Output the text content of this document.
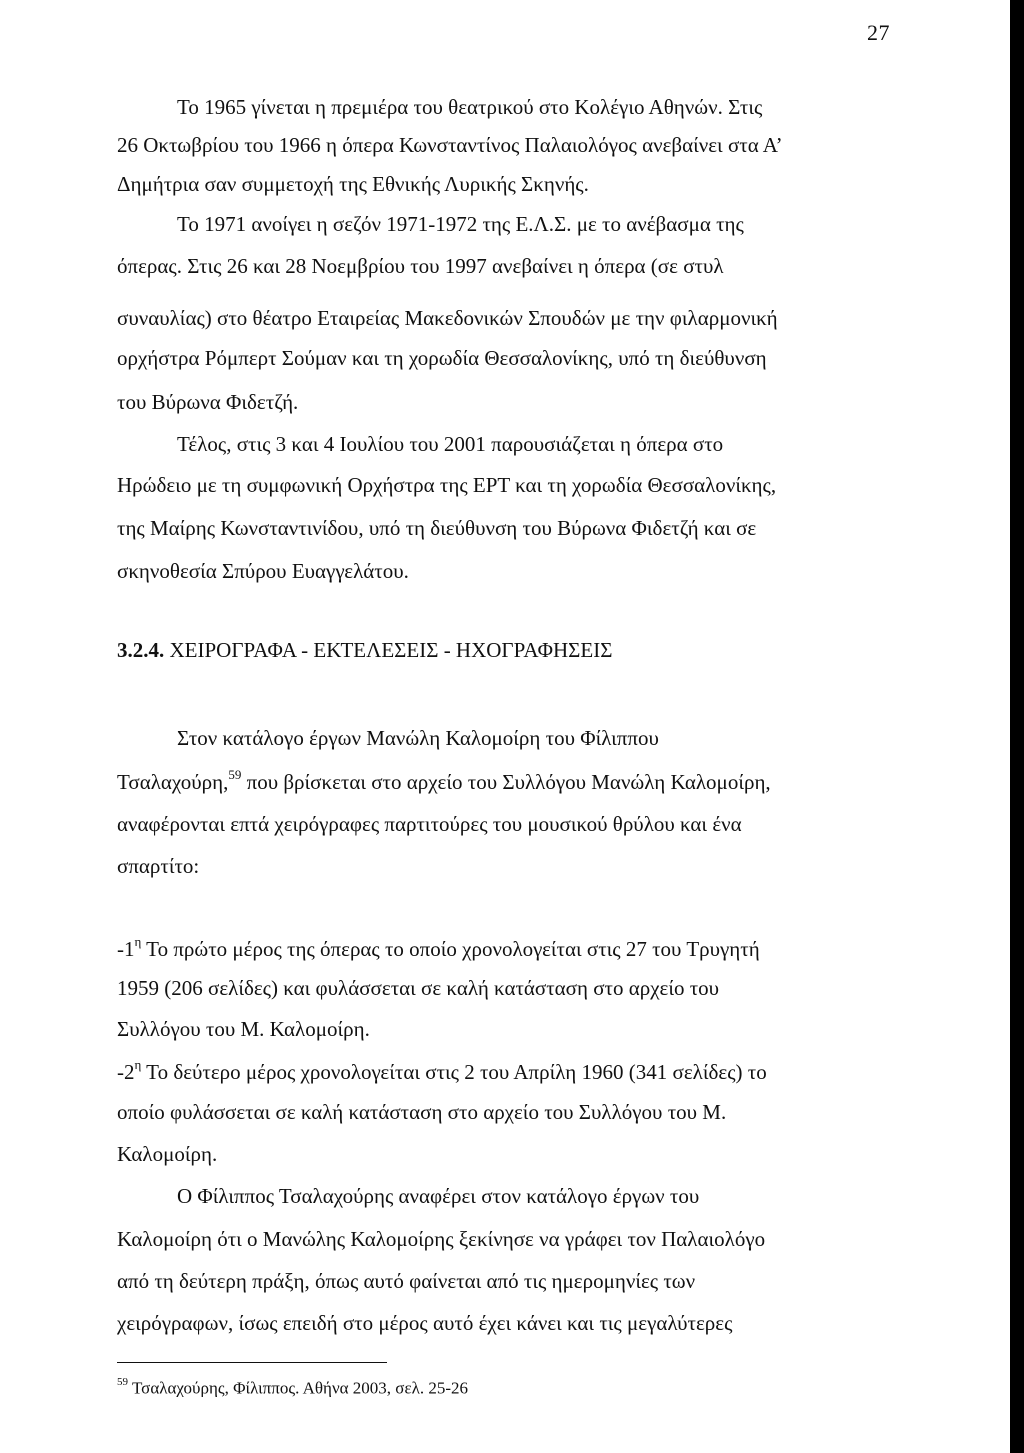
27
Το 1965 γίνεται η πρεμιέρα του θεατρικού στο Κολέγιο Αθηνών. Στις
26 Οκτωβρίου του 1966 η όπερα Κωνσταντίνος Παλαιολόγος ανεβαίνει στα Α’
Δημήτρια σαν συμμετοχή της Εθνικής Λυρικής Σκηνής.
Το 1971 ανοίγει η σεζόν 1971-1972 της Ε.Λ.Σ. με το ανέβασμα της
όπερας. Στις 26 και 28 Νοεμβρίου του 1997 ανεβαίνει η όπερα (σε στυλ
συναυλίας) στο θέατρο Εταιρείας Μακεδονικών Σπουδών με την φιλαρμονική
ορχήστρα Ρόμπερτ Σούμαν και τη χορωδία Θεσσαλονίκης, υπό τη διεύθυνση
του Βύρωνα Φιδετζή.
Τέλος, στις 3 και 4 Ιουλίου του 2001 παρουσιάζεται η όπερα στο
Ηρώδειο με τη συμφωνική Ορχήστρα της ΕΡΤ και τη χορωδία Θεσσαλονίκης,
της Μαίρης Κωνσταντινίδου, υπό τη διεύθυνση του Βύρωνα Φιδετζή και σε
σκηνοθεσία Σπύρου Ευαγγελάτου.
3.2.4. ΧΕΙΡΟΓΡΑΦΑ - ΕΚΤΕΛΕΣΕΙΣ - ΗΧΟΓΡΑΦΗΣΕΙΣ
Στον κατάλογο έργων Μανώλη Καλομοίρη του Φίλιππου
Τσαλαχούρη,$^{59}$ που βρίσκεται στο αρχείο του Συλλόγου Μανώλη Καλομοίρη,
αναφέρονται επτά χειρόγραφες παρτιτούρες του μουσικού θρύλου και ένα
σπαρτίτο:
$-1^\eta$ Το πρώτο μέρος της όπερας το οποίο χρονολογείται στις 27 του Τρυγητή
1959 (206 σελίδες) και φυλάσσεται σε καλή κατάσταση στο αρχείο του
Συλλόγου του Μ. Καλομοίρη.
$-2^\eta$ Το δεύτερο μέρος χρονολογείται στις 2 του Απρίλη 1960 (341 σελίδες) το
οποίο φυλάσσεται σε καλή κατάσταση στο αρχείο του Συλλόγου του Μ.
Καλομοίρη.
Ο Φίλιππος Τσαλαχούρης αναφέρει στον κατάλογο έργων του
Καλομοίρη ότι ο Μανώλης Καλομοίρης ξεκίνησε να γράφει τον Παλαιολόγο
από τη δεύτερη πράξη, όπως αυτό φαίνεται από τις ημερομηνίες των
χειρόγραφων, ίσως επειδή στο μέρος αυτό έχει κάνει και τις μεγαλύτερες
$^{59}$ Τσαλαχούρης, Φίλιππος. Αθήνα 2003, σελ. 25-26
